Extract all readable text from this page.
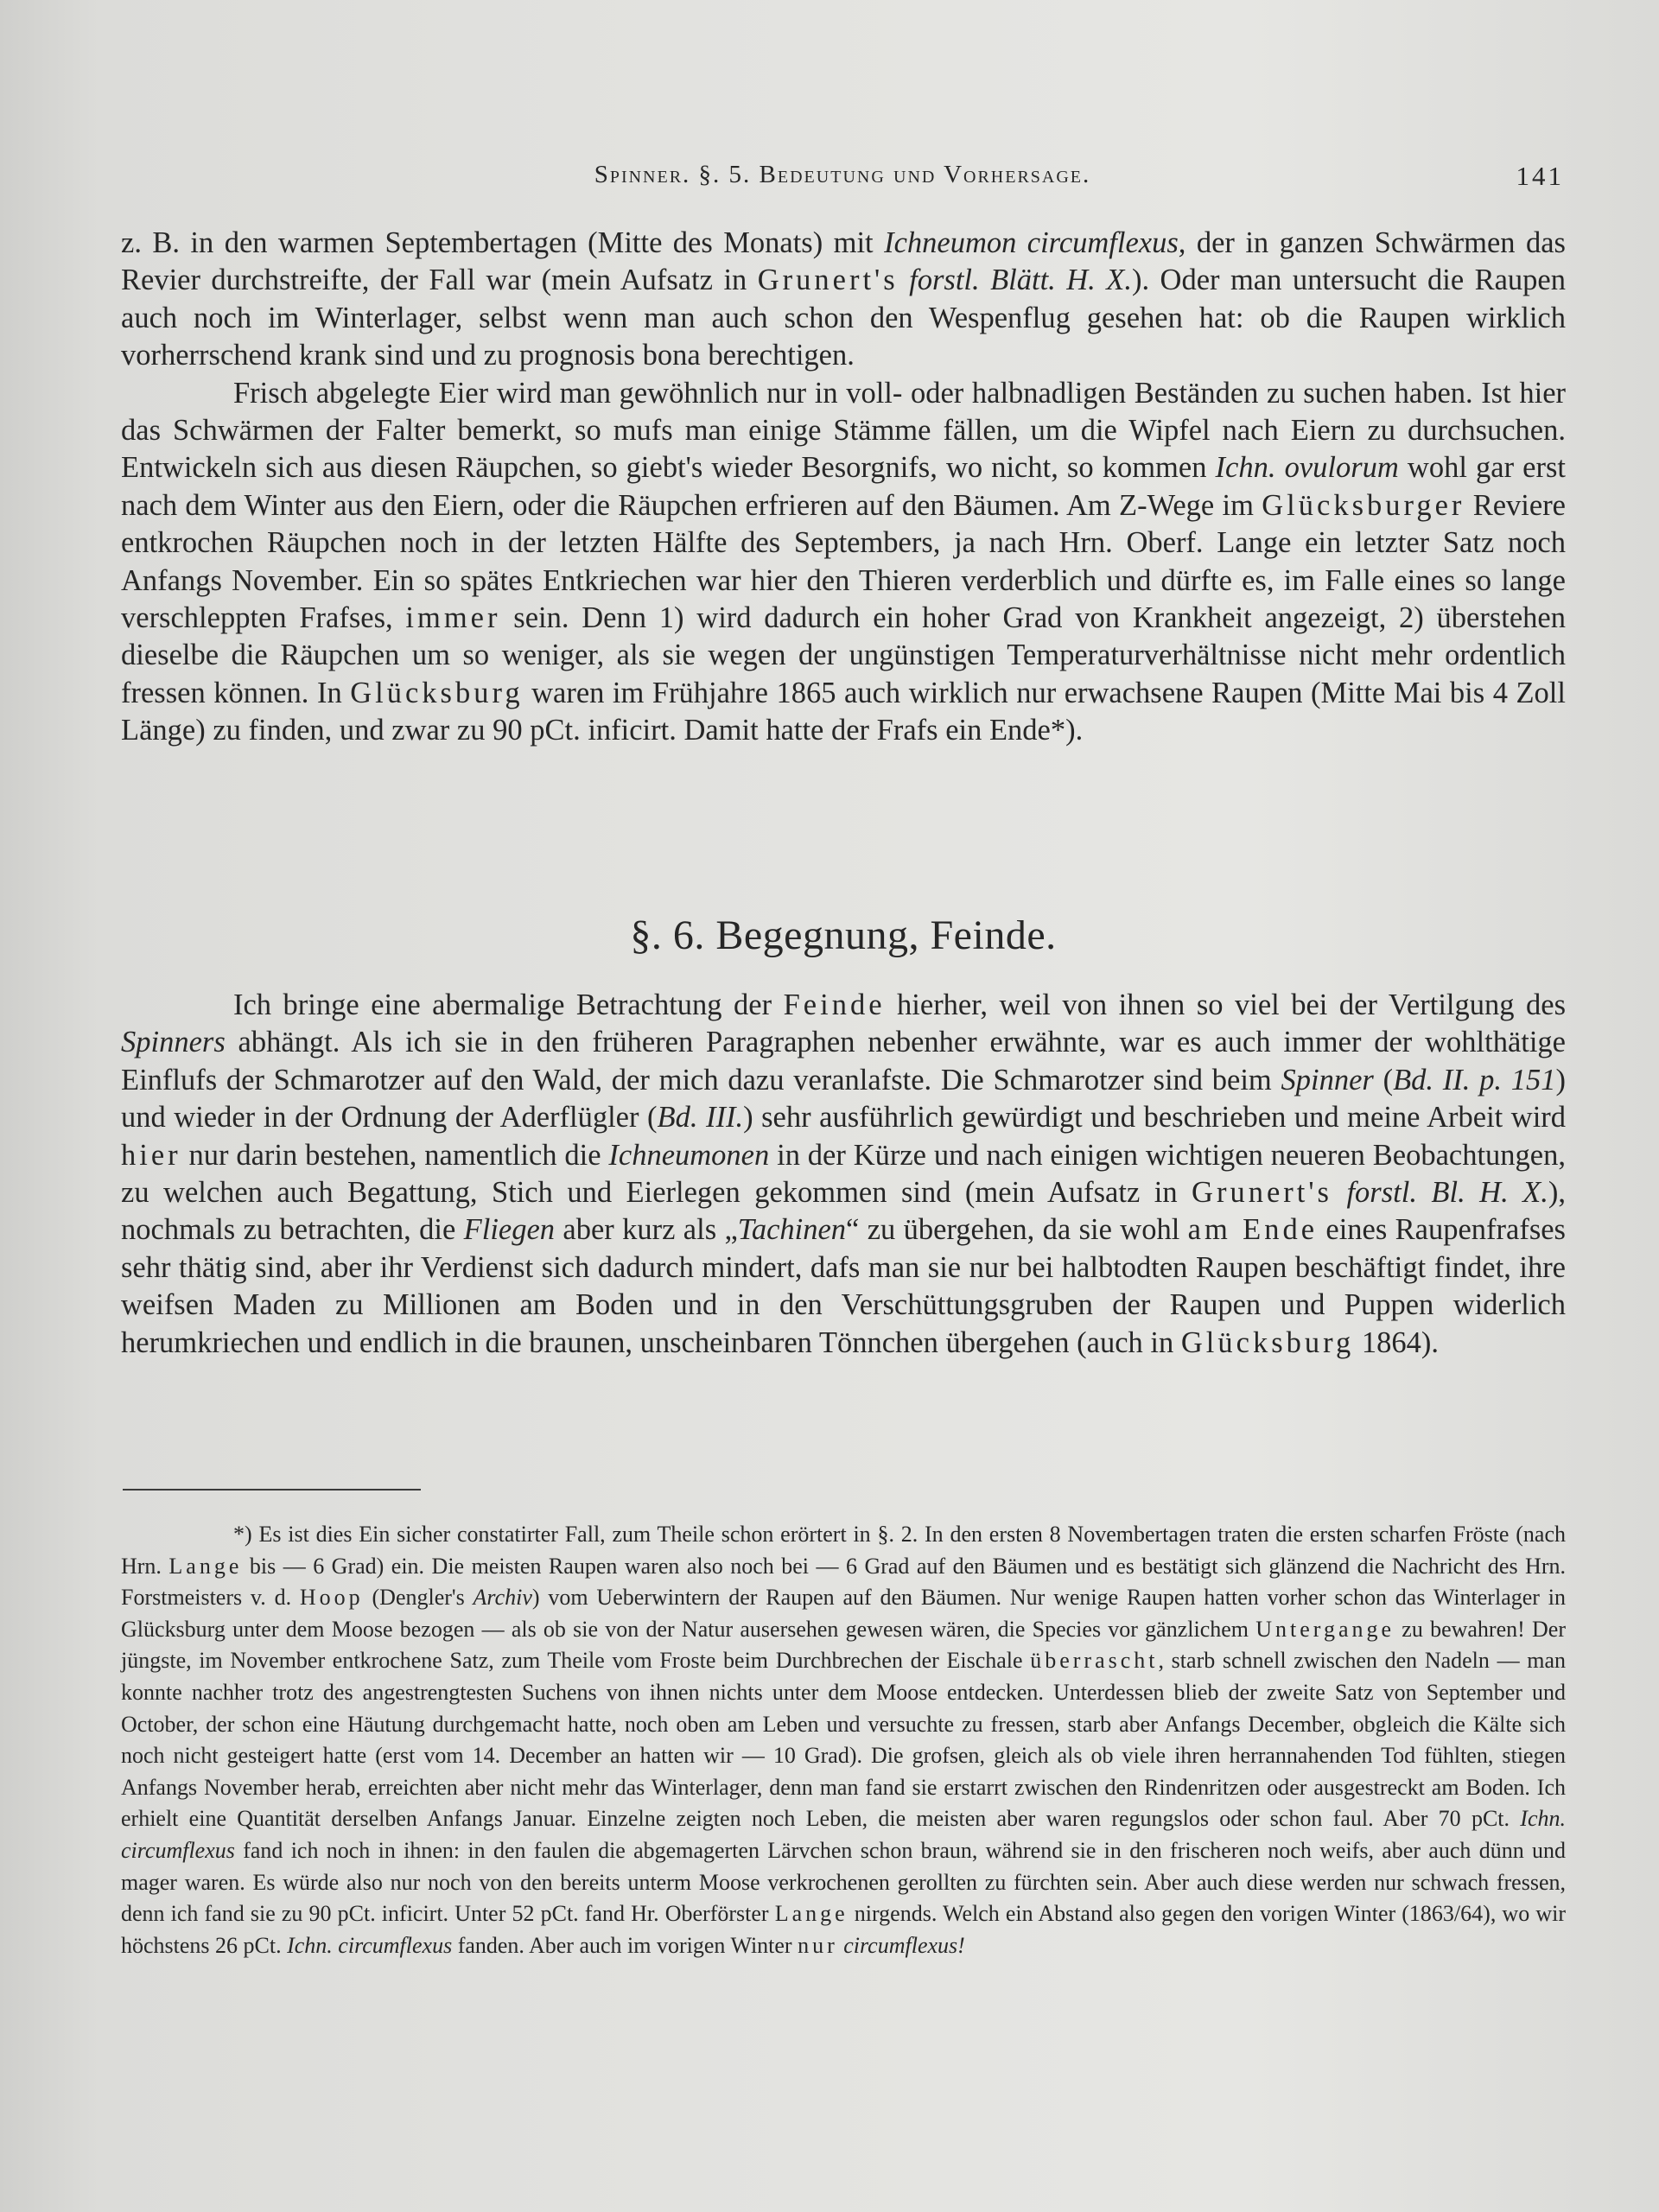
Spinner. §. 5. Bedeutung und Vorhersage.	141

z. B. in den warmen Septembertagen (Mitte des Monats) mit Ichneumon circumflexus, der in ganzen Schwärmen das Revier durchstreifte, der Fall war (mein Aufsatz in Grunert's forstl. Blätt. H. X.). Oder man untersucht die Raupen auch noch im Winterlager, selbst wenn man auch schon den Wespenflug gesehen hat: ob die Raupen wirklich vorherrschend krank sind und zu prognosis bona berechtigen.

Frisch abgelegte Eier wird man gewöhnlich nur in voll- oder halbnadligen Beständen zu suchen haben. Ist hier das Schwärmen der Falter bemerkt, so mufs man einige Stämme fällen, um die Wipfel nach Eiern zu durchsuchen. Entwickeln sich aus diesen Räupchen, so giebt's wieder Besorgnifs, wo nicht, so kommen Ichn. ovulorum wohl gar erst nach dem Winter aus den Eiern, oder die Räupchen erfrieren auf den Bäumen. Am Z-Wege im Glücksburger Reviere entkrochen Räupchen noch in der letzten Hälfte des Septembers, ja nach Hrn. Oberf. Lange ein letzter Satz noch Anfangs November. Ein so spätes Entkriechen war hier den Thieren verderblich und dürfte es, im Falle eines so lange verschleppten Frafses, immer sein. Denn 1) wird dadurch ein hoher Grad von Krankheit angezeigt, 2) überstehen dieselbe die Räupchen um so weniger, als sie wegen der ungünstigen Temperaturverhältnisse nicht mehr ordentlich fressen können. In Glücksburg waren im Frühjahre 1865 auch wirklich nur erwachsene Raupen (Mitte Mai bis 4 Zoll Länge) zu finden, und zwar zu 90 pCt. inficirt. Damit hatte der Frafs ein Ende*).

§. 6. Begegnung, Feinde.

Ich bringe eine abermalige Betrachtung der Feinde hierher, weil von ihnen so viel bei der Vertilgung des Spinners abhängt. Als ich sie in den früheren Paragraphen nebenher erwähnte, war es auch immer der wohlthätige Einflufs der Schmarotzer auf den Wald, der mich dazu veranlafste. Die Schmarotzer sind beim Spinner (Bd. II. p. 151) und wieder in der Ordnung der Aderflügler (Bd. III.) sehr ausführlich gewürdigt und beschrieben und meine Arbeit wird hier nur darin bestehen, namentlich die Ichneumonen in der Kürze und nach einigen wichtigen neueren Beobachtungen, zu welchen auch Begattung, Stich und Eierlegen gekommen sind (mein Aufsatz in Grunert's forstl. Bl. H. X.), nochmals zu betrachten, die Fliegen aber kurz als „Tachinen“ zu übergehen, da sie wohl am Ende eines Raupenfrafses sehr thätig sind, aber ihr Verdienst sich dadurch mindert, dafs man sie nur bei halbtodten Raupen beschäftigt findet, ihre weifsen Maden zu Millionen am Boden und in den Verschüttungsgruben der Raupen und Puppen widerlich herumkriechen und endlich in die braunen, unscheinbaren Tönnchen übergehen (auch in Glücksburg 1864).

*) Es ist dies Ein sicher constatirter Fall, zum Theile schon erörtert in §. 2. In den ersten 8 Novembertagen traten die ersten scharfen Fröste (nach Hrn. Lange bis — 6 Grad) ein. Die meisten Raupen waren also noch bei — 6 Grad auf den Bäumen und es bestätigt sich glänzend die Nachricht des Hrn. Forstmeisters v. d. Hoop (Dengler's Archiv) vom Ueberwintern der Raupen auf den Bäumen. Nur wenige Raupen hatten vorher schon das Winterlager in Glücksburg unter dem Moose bezogen — als ob sie von der Natur ausersehen gewesen wären, die Species vor gänzlichem Untergange zu bewahren! Der jüngste, im November entkrochene Satz, zum Theile vom Froste beim Durchbrechen der Eischale überrascht, starb schnell zwischen den Nadeln — man konnte nachher trotz des angestrengtesten Suchens von ihnen nichts unter dem Moose entdecken. Unterdessen blieb der zweite Satz von September und October, der schon eine Häutung durchgemacht hatte, noch oben am Leben und versuchte zu fressen, starb aber Anfangs December, obgleich die Kälte sich noch nicht gesteigert hatte (erst vom 14. December an hatten wir — 10 Grad). Die grofsen, gleich als ob viele ihren herrannahenden Tod fühlten, stiegen Anfangs November herab, erreichten aber nicht mehr das Winterlager, denn man fand sie erstarrt zwischen den Rindenritzen oder ausgestreckt am Boden. Ich erhielt eine Quantität derselben Anfangs Januar. Einzelne zeigten noch Leben, die meisten aber waren regungslos oder schon faul. Aber 70 pCt. Ichn. circumflexus fand ich noch in ihnen: in den faulen die abgemagerten Lärvchen schon braun, während sie in den frischeren noch weifs, aber auch dünn und mager waren. Es würde also nur noch von den bereits unterm Moose verkrochenen gerollten zu fürchten sein. Aber auch diese werden nur schwach fressen, denn ich fand sie zu 90 pCt. inficirt. Unter 52 pCt. fand Hr. Oberförster Lange nirgends. Welch ein Abstand also gegen den vorigen Winter (1863/64), wo wir höchstens 26 pCt. Ichn. circumflexus fanden. Aber auch im vorigen Winter nur circumflexus!
